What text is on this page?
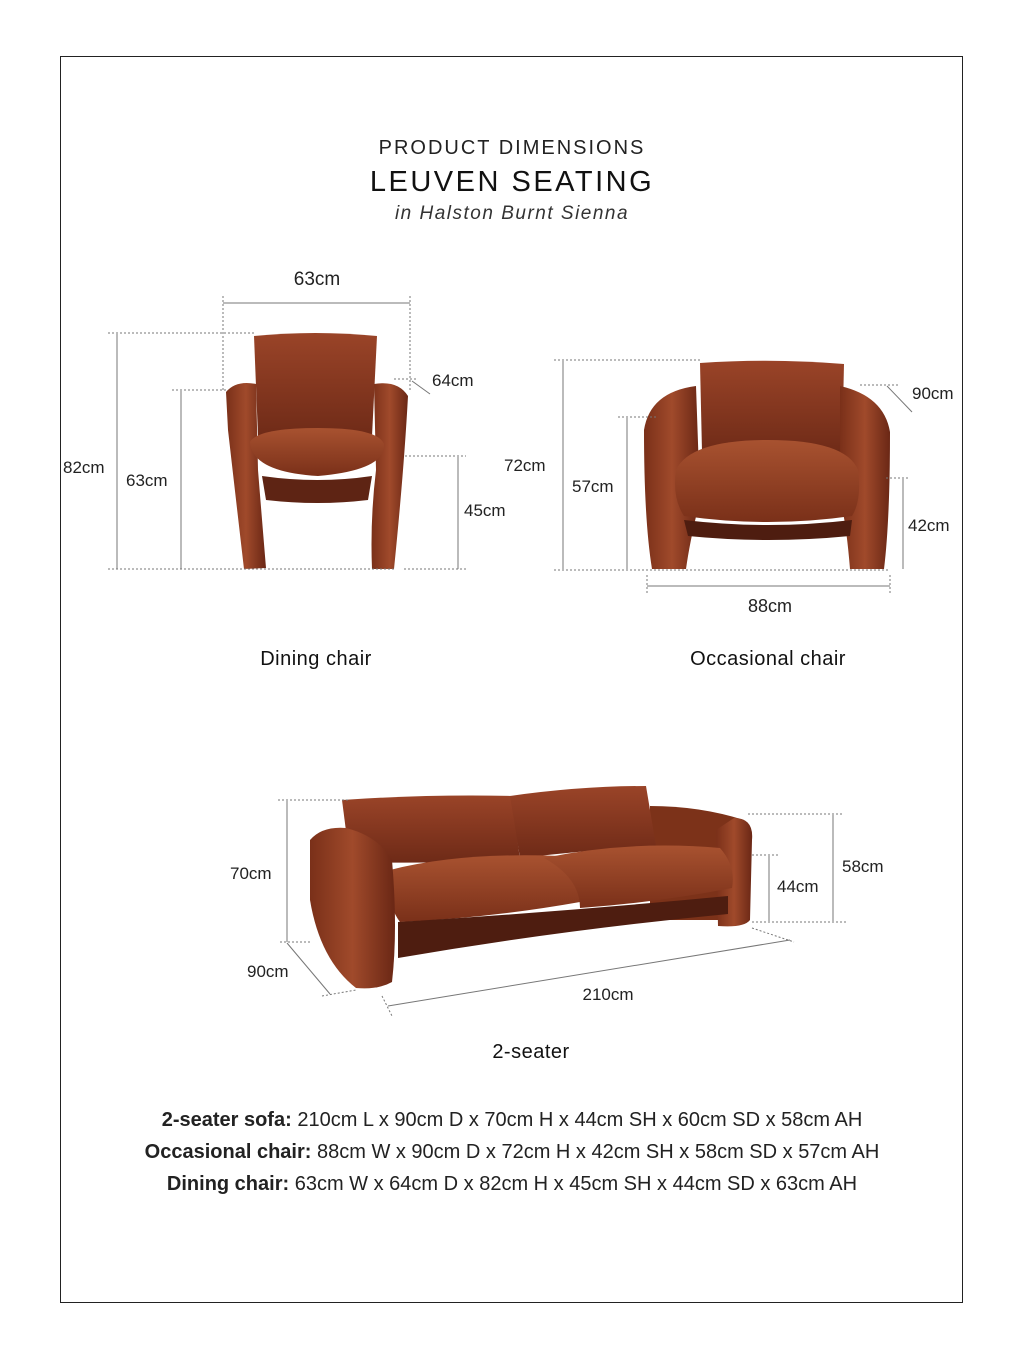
PRODUCT DIMENSIONS
LEUVEN SEATING
in Halston Burnt Sienna
63cm
64cm
82cm
63cm
45cm
Dining chair
90cm
72cm
57cm
42cm
88cm
Occasional chair
70cm	58cm
44cm
90cm
210cm
2-seater
2-seater sofa: 210cm L x 90cm D x 70cm H x 44cm SH x 60cm SD x 58cm AH
Occasional chair: 88cm W x 90cm D x 72cm H x 42cm SH x 58cm SD x 57cm AH
Dining chair: 63cm W x 64cm D x 82cm H x 45cm SH x 44cm SD x 63cm AH
